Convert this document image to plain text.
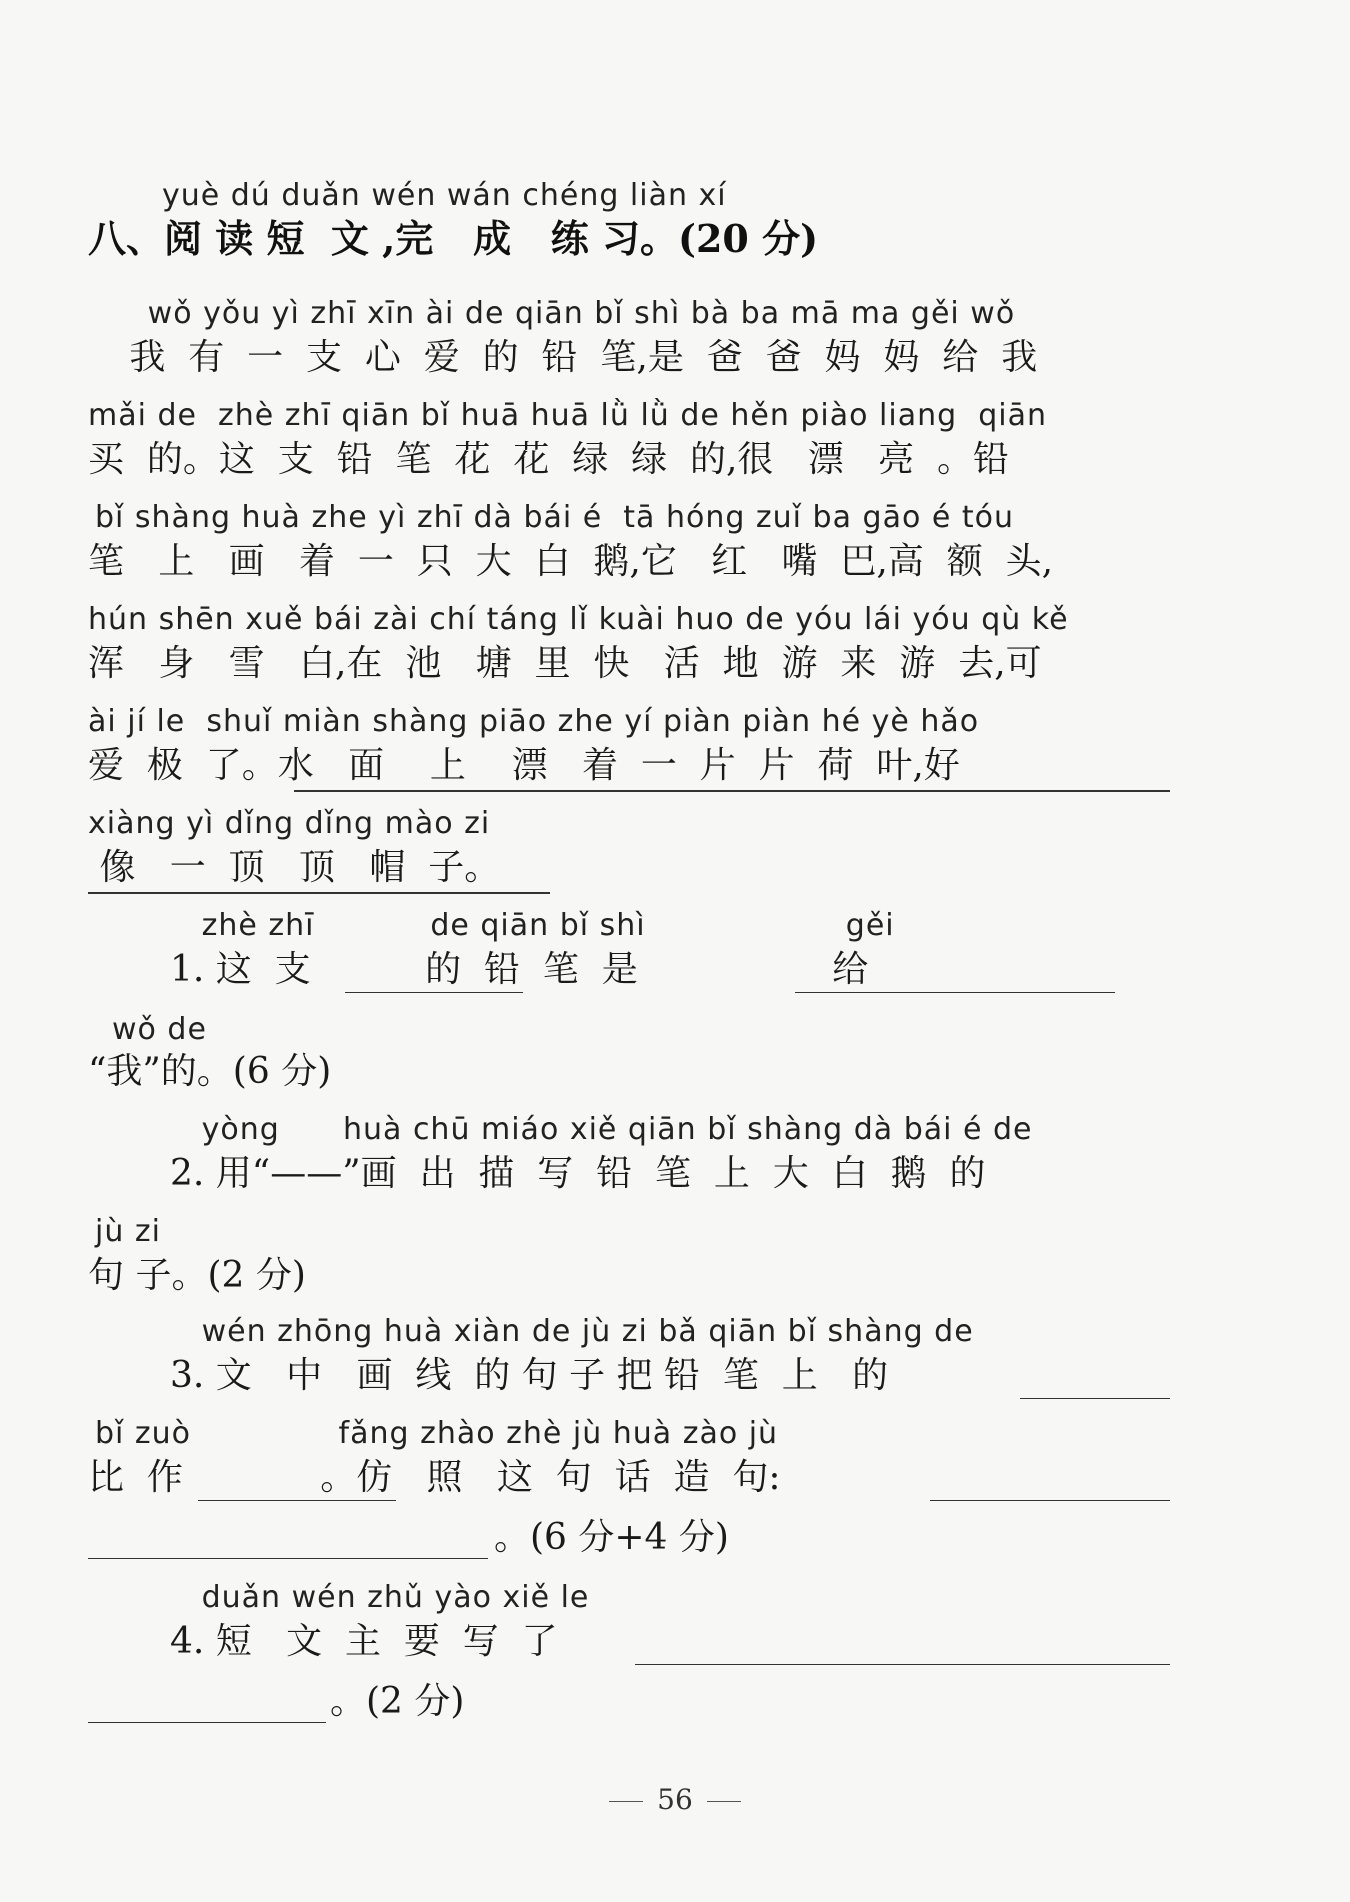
yuè dú duǎn wén wán chéng liàn xí
八、阅 读 短  文 ,完   成   练 习。(20 分)
wǒ yǒu yì zhī xīn ài de qiān bǐ shì bà ba mā ma gěi wǒ
我  有  一  支  心  爱  的  铅  笔,是  爸  爸  妈  妈  给  我
mǎi de  zhè zhī qiān bǐ huā huā lǜ lǜ de hěn piào liang  qiān
买  的。这  支  铅  笔  花  花  绿  绿  的,很   漂   亮  。铅
bǐ shàng huà zhe yì zhī dà bái é  tā hóng zuǐ ba gāo é tóu
笔   上   画   着  一  只  大  白  鹅,它   红   嘴  巴,高  额  头,
hún shēn xuě bái zài chí táng lǐ kuài huo de yóu lái yóu qù kě
浑   身   雪   白,在  池   塘  里  快   活  地  游  来  游  去,可
ài jí le  shuǐ miàn shàng piāo zhe yí piàn piàn hé yè hǎo
爱  极  了。水   面    上    漂   着  一  片  片  荷  叶,好
xiàng yì dǐng dǐng mào zi
像   一  顶   顶   帽  子。
zhè zhī           de qiān bǐ shì                   gěi
1. 这  支          的  铅  笔  是                 给
wǒ de
“我”的。(6 分)
yòng      huà chū miáo xiě qiān bǐ shàng dà bái é de
2. 用“——”画  出  描  写  铅  笔  上  大  白  鹅  的
jù zi
句 子。(2 分)
wén zhōng huà xiàn de jù zi bǎ qiān bǐ shàng de
3. 文   中   画  线  的 句 子 把 铅  笔  上   的
bǐ zuò              fǎng zhào zhè jù huà zào jù
比  作            。仿   照   这  句  话  造  句:
。(6 分+4 分)
duǎn wén zhǔ yào xiě le
4. 短   文  主  要  写  了
。(2 分)
56
